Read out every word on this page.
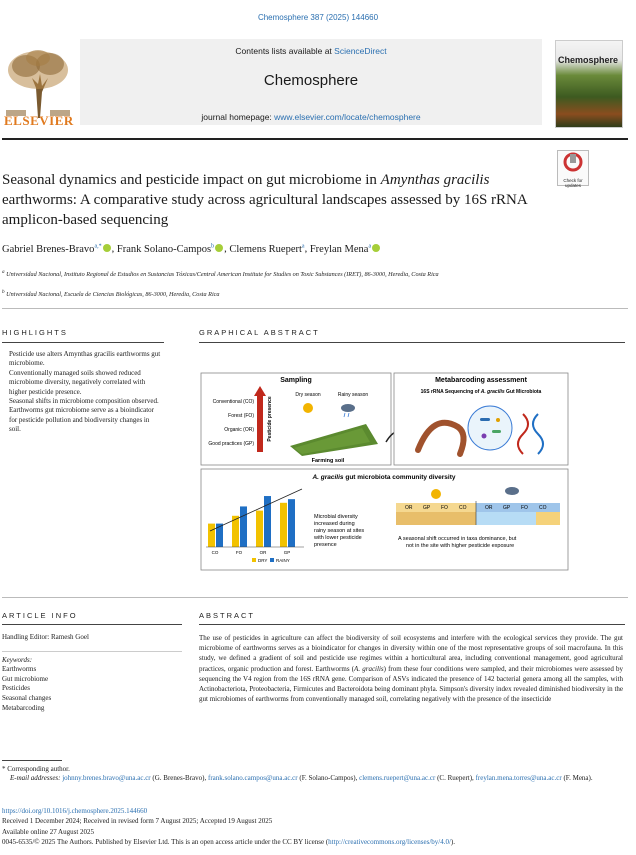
Chemosphere 387 (2025) 144660
ELSEVIER
Contents lists available at ScienceDirect
Chemosphere
journal homepage: www.elsevier.com/locate/chemosphere
Chemosphere
Check for updates
Seasonal dynamics and pesticide impact on gut microbiome in Amynthas gracilis earthworms: A comparative study across agricultural landscapes assessed by 16S rRNA amplicon-based sequencing
Gabriel Brenes-Bravo$^{a,*}$ , Frank Solano-Campos$^b$ , Clemens Ruepert$^a$, Freylan Mena$^a$
$^a$ Universidad Nacional, Instituto Regional de Estudios en Sustancias Tóxicas/Central American Institute for Studies on Toxic Substances (IRET), 86-3000, Heredia, Costa Rica
$^b$ Universidad Nacional, Escuela de Ciencias Biológicas, 86-3000, Heredia, Costa Rica
HIGHLIGHTS
• Pesticide use alters Amynthas gracilis earthworms gut microbiome.
• Conventionally managed soils showed reduced microbiome diversity, negatively correlated with higher pesticide presence.
• Seasonal shifts in microbiome composition observed.
• Earthworms gut microbiome serve as a bioindicator for pesticide pollution and biodiversity changes in soil.
GRAPHICAL ABSTRACT
Sampling
Conventional (CO)
Forest (FO)
Organic (OR)
Good practices (GP)
Pesticide presence
Dry season	Rainy season
Farming soil
Metabarcoding assessment
16S rRNA Sequencing of A. gracilis Gut Microbiota
A. gracilis gut microbiota community diversity
CO	FO	OR	GP
DRY RAINY
Microbial diversity
increased during
rainy season at sites
with lower pesticide
presence
OR GP FO CO	OR GP FO CO
A seasonal shift occurred in taxa dominance, but
not in the site with higher pesticide exposure
ARTICLE INFO
Handling Editor: Ramesh Goel
Keywords:
Earthworms
Gut microbiome
Pesticides
Seasonal changes
Metabarcoding
ABSTRACT
The use of pesticides in agriculture can affect the biodiversity of soil ecosystems and interfere with the ecological services they provide. The gut microbiome of earthworms serves as a bioindicator for changes in diversity within one of the most representative groups of soil macrofauna. In this study, we defined a gradient of soil and pesticide use regimes within a horticultural area, including conventional management, good agricultural practices, organic production and forest. Earthworms (A. gracilis) from these four conditions were sampled, and their microbiomes were assessed by sequencing the V4 region from the 16S rRNA gene. Comparison of ASVs indicated the presence of 142 bacterial genera among all the samples, with Actinobacteriota, Proteobacteria, Firmicutes and Bacteroidota being dominant phyla. Simpson's diversity index revealed diminished biodiversity in the gut microbiomes of earthworms from conventionally managed soil, correlating negatively with the presence of the insecticide
* Corresponding author.
E-mail addresses: johnny.brenes.bravo@una.ac.cr (G. Brenes-Bravo), frank.solano.campos@una.ac.cr (F. Solano-Campos), clemens.ruepert@una.ac.cr (C. Ruepert), freylan.mena.torres@una.ac.cr (F. Mena).
https://doi.org/10.1016/j.chemosphere.2025.144660
Received 1 December 2024; Received in revised form 7 August 2025; Accepted 19 August 2025
Available online 27 August 2025
0045-6535/© 2025 The Authors. Published by Elsevier Ltd. This is an open access article under the CC BY license (http://creativecommons.org/licenses/by/4.0/).
